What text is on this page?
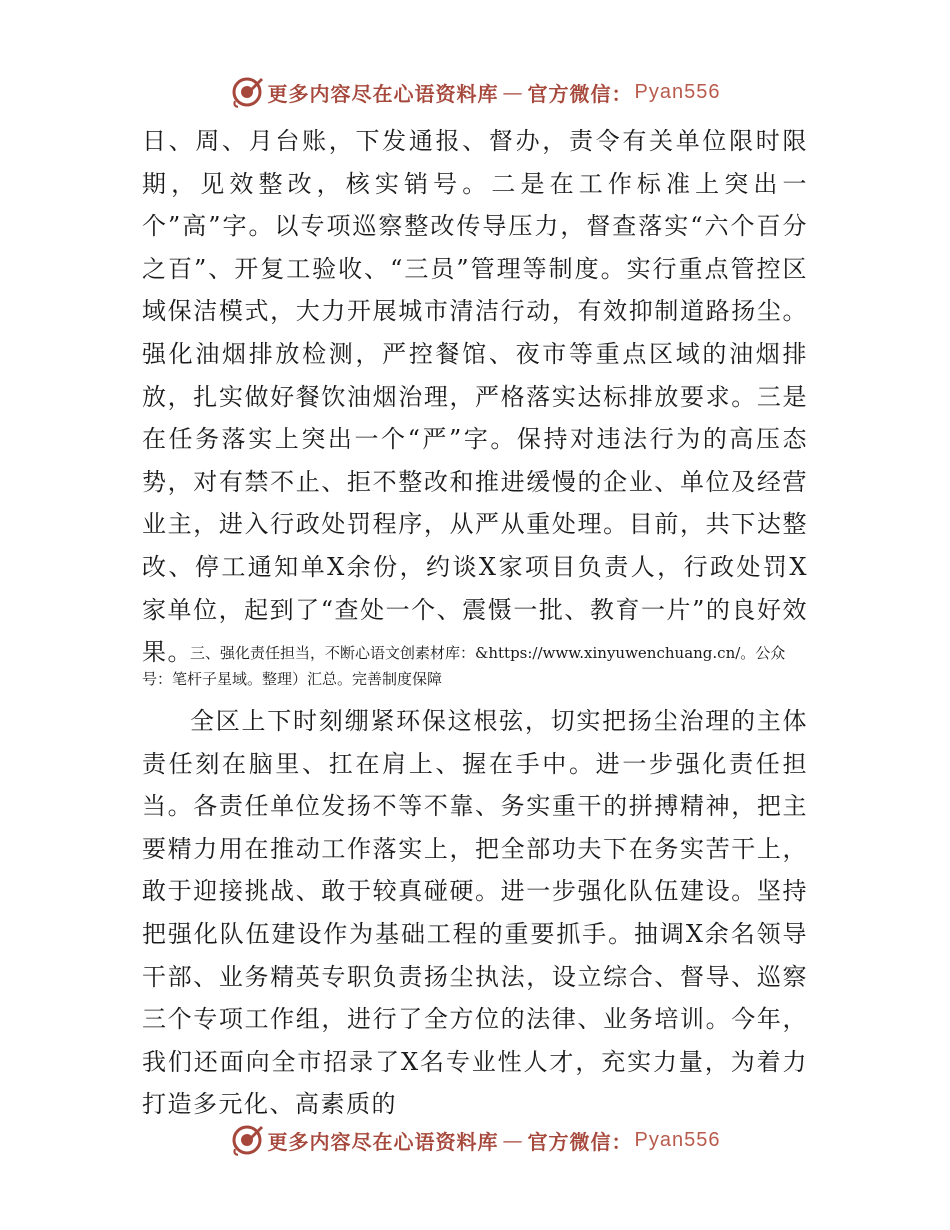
更多内容尽在心语资料库 — 官方微信： Pyan556

日、周、月台账，下发通报、督办，责令有关单位限时限期，见效整改，核实销号。二是在工作标准上突出一个”高”字。以专项巡察整改传导压力，督查落实“六个百分之百”、开复工验收、“三员”管理等制度。实行重点管控区域保洁模式，大力开展城市清洁行动，有效抑制道路扬尘。强化油烟排放检测，严控餐馆、夜市等重点区域的油烟排放，扎实做好餐饮油烟治理，严格落实达标排放要求。三是在任务落实上突出一个“严”字。保持对违法行为的高压态势，对有禁不止、拒不整改和推进缓慢的企业、单位及经营业主，进入行政处罚程序，从严从重处理。目前，共下达整改、停工通知单X余份，约谈X家项目负责人，行政处罚X家单位，起到了“查处一个、震慑一批、教育一片”的良好效果。

三、强化责任担当，不断心语文创素材库：&https://www.xinyuwenchuang.cn/。公众号：笔杆子星域。整理）汇总。完善制度保障

全区上下时刻绷紧环保这根弦，切实把扬尘治理的主体责任刻在脑里、扛在肩上、握在手中。进一步强化责任担当。各责任单位发扬不等不靠、务实重干的拼搏精神，把主要精力用在推动工作落实上，把全部功夫下在务实苦干上，敢于迎接挑战、敢于较真碰硬。进一步强化队伍建设。坚持把强化队伍建设作为基础工程的重要抓手。抽调X余名领导干部、业务精英专职负责扬尘执法，设立综合、督导、巡察三个专项工作组，进行了全方位的法律、业务培训。今年，我们还面向全市招录了X名专业性人才，充实力量，为着力打造多元化、高素质的

更多内容尽在心语资料库 — 官方微信： Pyan556
